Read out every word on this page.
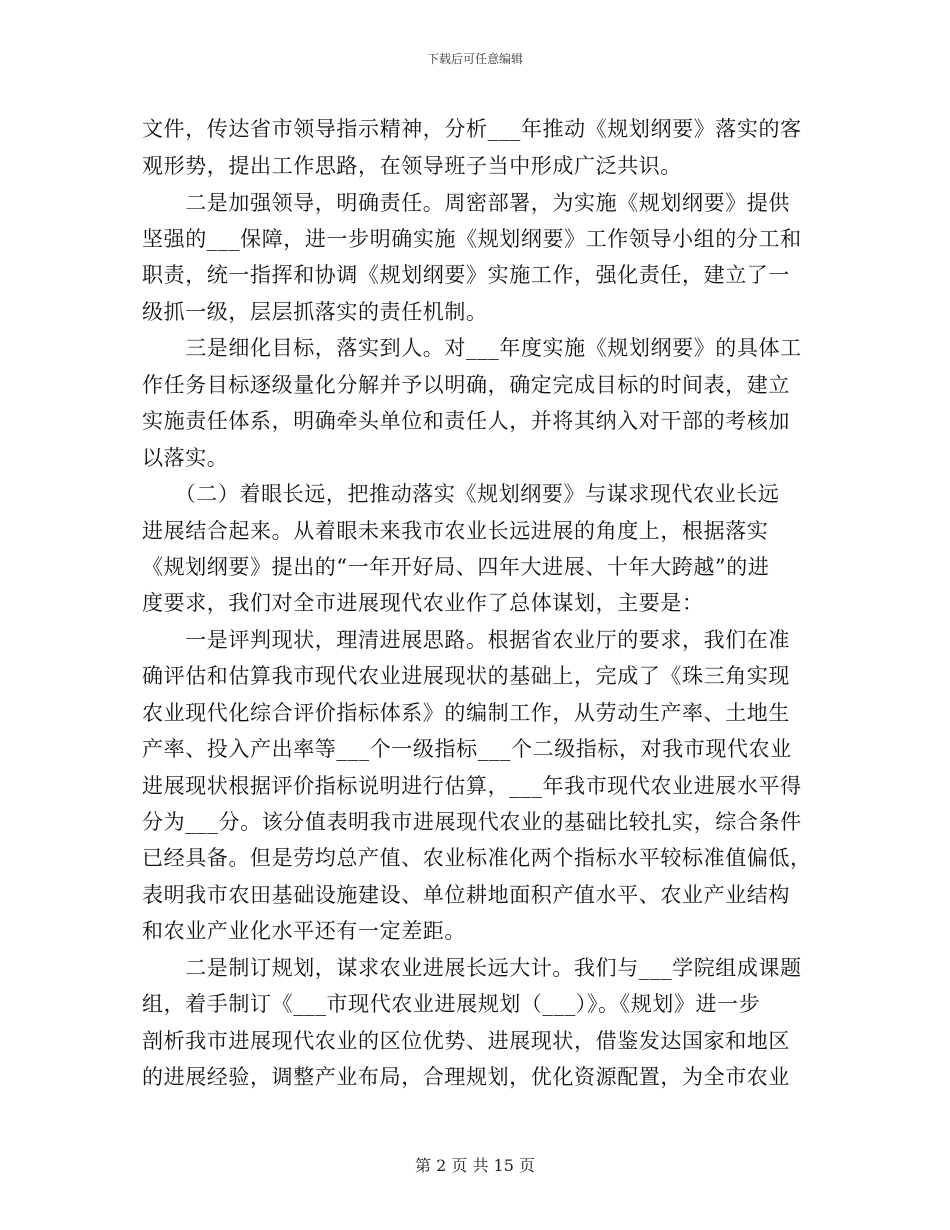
下载后可任意编辑
文件，传达省市领导指示精神，分析___年推动《规划纲要》落实的客
观形势，提出工作思路，在领导班子当中形成广泛共识。
　　二是加强领导，明确责任。周密部署，为实施《规划纲要》提供
坚强的___保障，进一步明确实施《规划纲要》工作领导小组的分工和
职责，统一指挥和协调《规划纲要》实施工作，强化责任，建立了一
级抓一级，层层抓落实的责任机制。
　　三是细化目标，落实到人。对___年度实施《规划纲要》的具体工
作任务目标逐级量化分解并予以明确，确定完成目标的时间表，建立
实施责任体系，明确牵头单位和责任人，并将其纳入对干部的考核加
以落实。
　　（二）着眼长远，把推动落实《规划纲要》与谋求现代农业长远
进展结合起来。从着眼未来我市农业长远进展的角度上，根据落实
《规划纲要》提出的“一年开好局、四年大进展、十年大跨越”的进
度要求，我们对全市进展现代农业作了总体谋划，主要是：
　　一是评判现状，理清进展思路。根据省农业厅的要求，我们在准
确评估和估算我市现代农业进展现状的基础上，完成了《珠三角实现
农业现代化综合评价指标体系》的编制工作，从劳动生产率、土地生
产率、投入产出率等___个一级指标___个二级指标，对我市现代农业
进展现状根据评价指标说明进行估算，___年我市现代农业进展水平得
分为___分。该分值表明我市进展现代农业的基础比较扎实，综合条件
已经具备。但是劳均总产值、农业标准化两个指标水平较标准值偏低，
表明我市农田基础设施建设、单位耕地面积产值水平、农业产业结构
和农业产业化水平还有一定差距。
　　二是制订规划，谋求农业进展长远大计。我们与___学院组成课题
组，着手制订《___市现代农业进展规划（___）》。《规划》进一步
剖析我市进展现代农业的区位优势、进展现状，借鉴发达国家和地区
的进展经验，调整产业布局，合理规划，优化资源配置，为全市农业
第 2 页 共 15 页
